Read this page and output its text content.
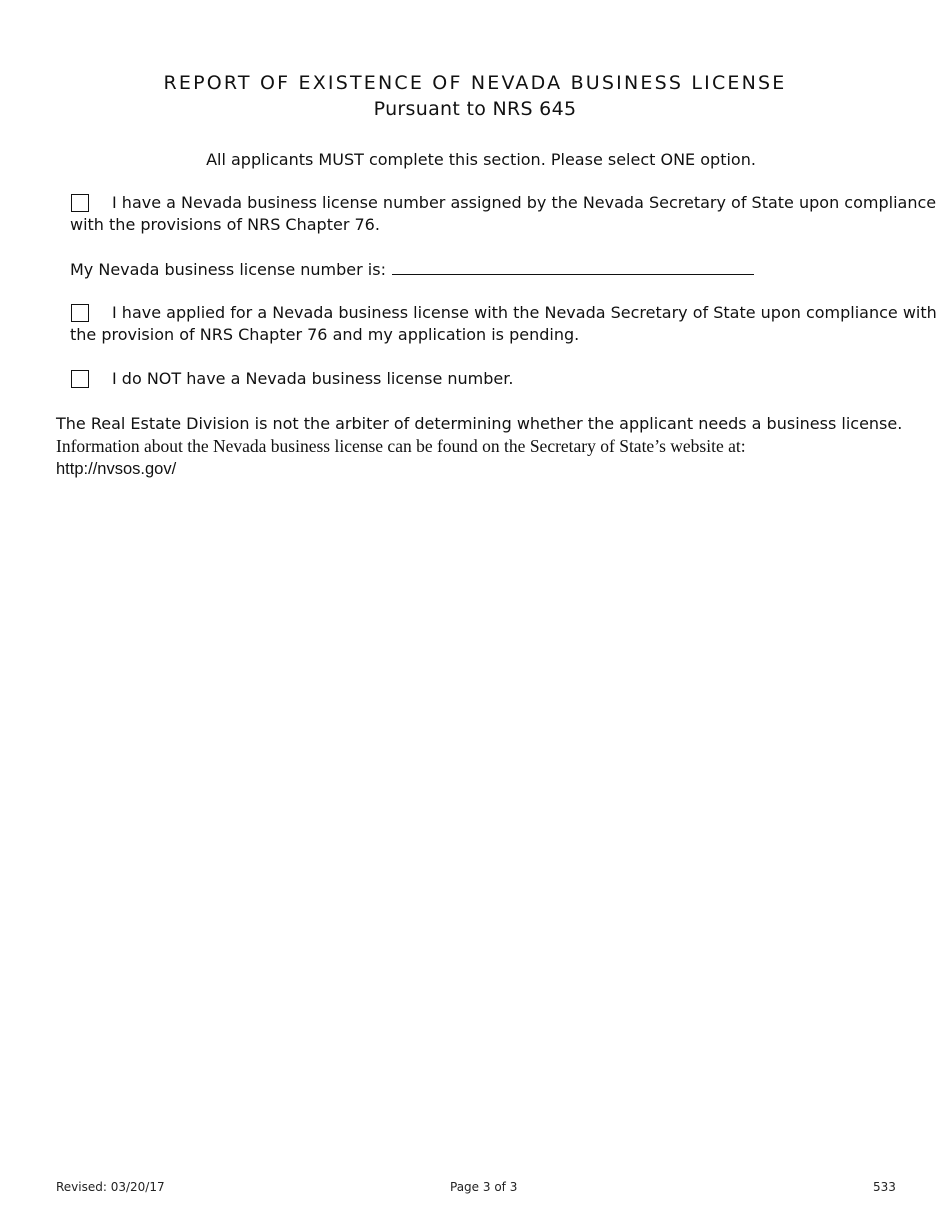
REPORT OF EXISTENCE OF NEVADA BUSINESS LICENSE
Pursuant to NRS 645
All applicants MUST complete this section. Please select ONE option.
I have a Nevada business license number assigned by the Nevada Secretary of State upon compliance
with the provisions of NRS Chapter 76.
My Nevada business license number is:
I have applied for a Nevada business license with the Nevada Secretary of State upon compliance with
the provision of NRS Chapter 76 and my application is pending.
I do NOT have a Nevada business license number.
The Real Estate Division is not the arbiter of determining whether the applicant needs a business license.
Information about the Nevada business license can be found on the Secretary of State’s website at:
http://nvsos.gov/
Revised: 03/20/17	Page 3 of 3	533
